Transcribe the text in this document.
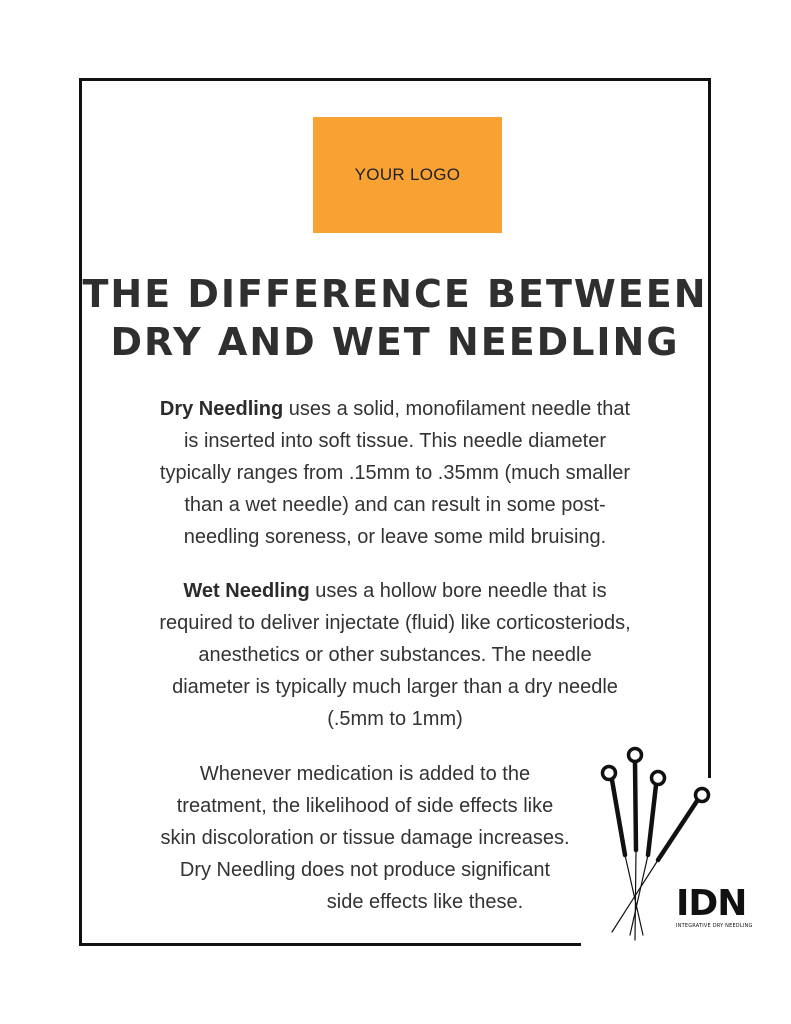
YOUR LOGO
THE DIFFERENCE BETWEEN
DRY AND WET NEEDLING
Dry Needling uses a solid, monofilament needle that
is inserted into soft tissue. This needle diameter
typically ranges from .15mm to .35mm (much smaller
than a wet needle) and can result in some post-
needling soreness, or leave some mild bruising.
Wet Needling uses a hollow bore needle that is
required to deliver injectate (fluid) like corticosteriods,
anesthetics or other substances. The needle
diameter is typically much larger than a dry needle
(.5mm to 1mm)
Whenever medication is added to the
treatment, the likelihood of side effects like
skin discoloration or tissue damage increases.
Dry Needling does not produce significant
side effects like these.	IDN
INTEGRATIVE DRY NEEDLING
